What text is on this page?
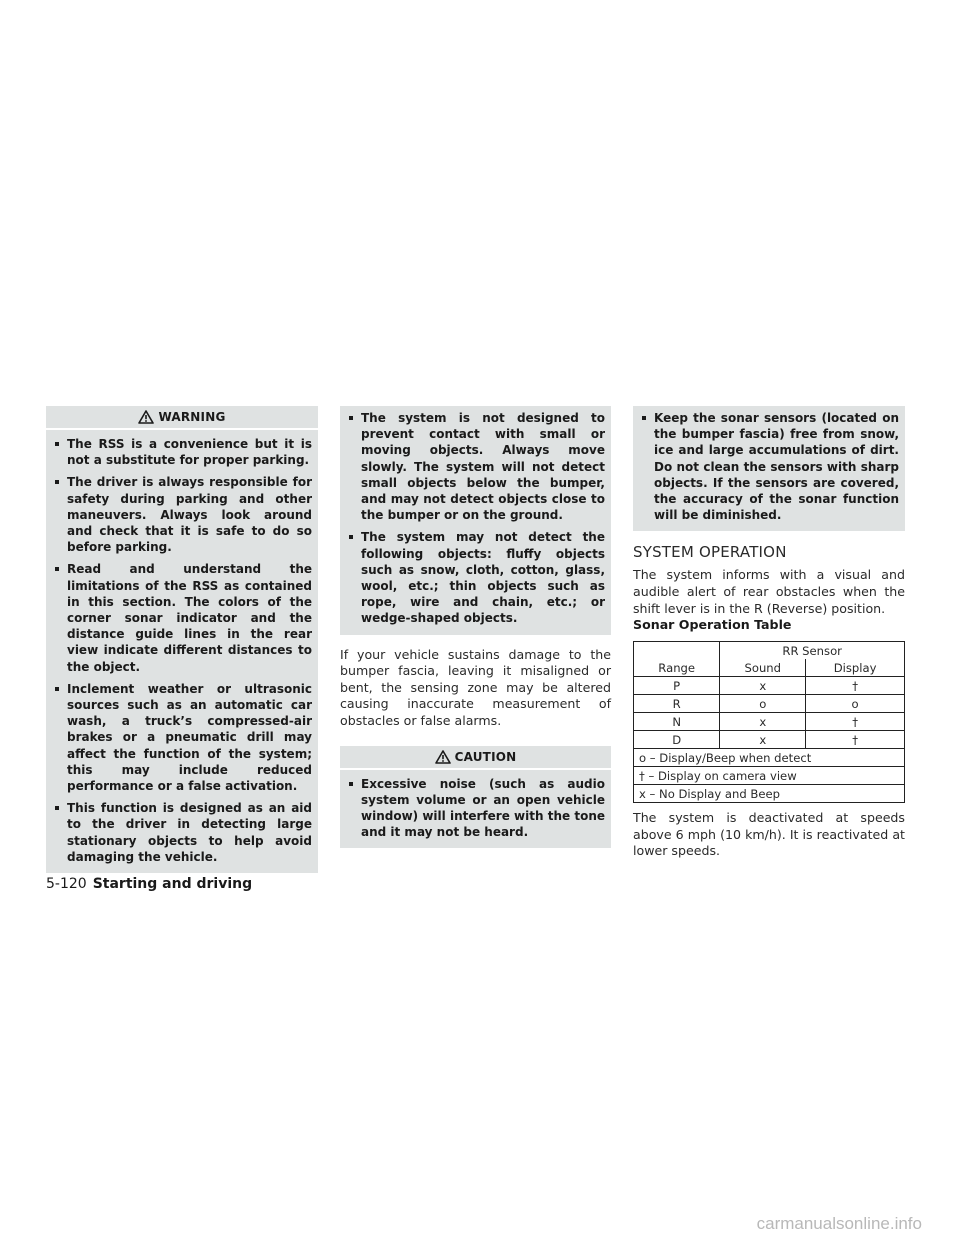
WARNING
The RSS is a convenience but it is not a substitute for proper parking.
The driver is always responsible for safety during parking and other maneuvers. Always look around and check that it is safe to do so before parking.
Read and understand the limitations of the RSS as contained in this section. The colors of the corner sonar indicator and the distance guide lines in the rear view indicate different distances to the object.
Inclement weather or ultrasonic sources such as an automatic car wash, a truck’s compressed-air brakes or a pneumatic drill may affect the function of the system; this may include reduced performance or a false activation.
This function is designed as an aid to the driver in detecting large stationary objects to help avoid damaging the vehicle.
The system is not designed to prevent contact with small or moving objects. Always move slowly. The system will not detect small objects below the bumper, and may not detect objects close to the bumper or on the ground.
The system may not detect the following objects: fluffy objects such as snow, cloth, cotton, glass, wool, etc.; thin objects such as rope, wire and chain, etc.; or wedge-shaped objects.

If your vehicle sustains damage to the bumper fascia, leaving it misaligned or bent, the sensing zone may be altered causing inaccurate measurement of obstacles or false alarms.

CAUTION
Excessive noise (such as audio system volume or an open vehicle window) will interfere with the tone and it may not be heard.
Keep the sonar sensors (located on the bumper fascia) free from snow, ice and large accumulations of dirt. Do not clean the sensors with sharp objects. If the sensors are covered, the accuracy of the sonar function will be diminished.
SYSTEM OPERATION

The system informs with a visual and audible alert of rear obstacles when the shift lever is in the R (Reverse) position.

Sonar Operation Table
	RR Sensor	
Range	Sound	Display
P	x	†
R	o	o
N	x	†
D	x	†
o – Display/Beep when detect		
† – Display on camera view		
x – No Display and Beep		

The system is deactivated at speeds above 6 mph (10 km/h). It is reactivated at lower speeds.

5-120 Starting and driving
carmanualsonline.info
